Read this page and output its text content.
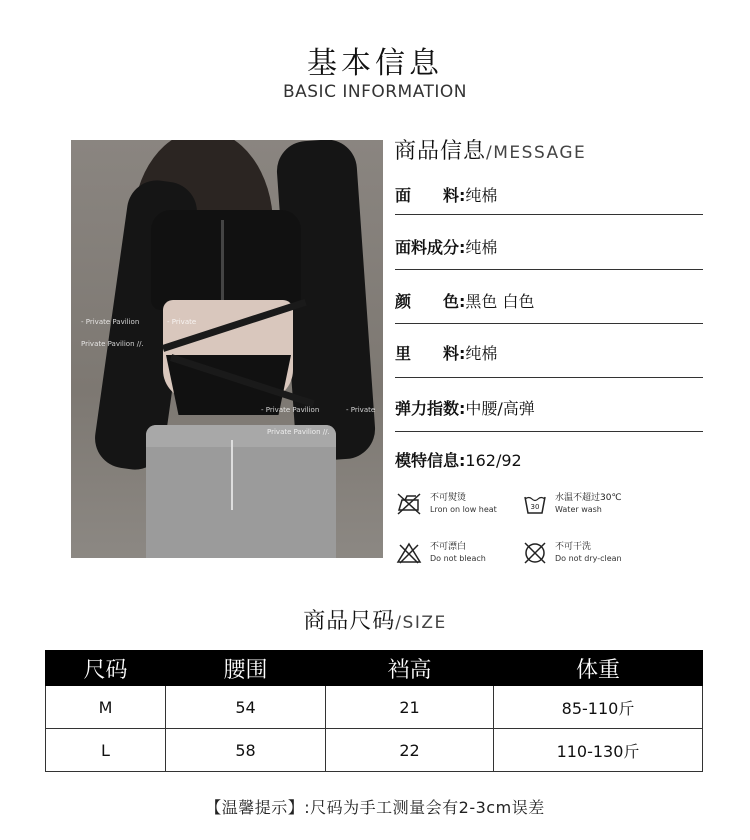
基本信息
BASIC INFORMATION
- Private Pavilion	- Private
Private Pavilion //.
- Private Pavilion	- Private
Private Pavilion //.
商品信息/MESSAGE
面　　料:纯棉
面料成分:纯棉
颜　　色:黑色 白色
里　　料:纯棉
弹力指数:中腰/高弹
模特信息:162/92
不可熨烫
Lron on low heat	30
水温不超过30℃
Water wash
不可漂白
Do not bleach
不可干洗
Do not dry-clean
商品尺码/SIZE
尺码	腰围	裆高	体重
M	54	21	85-110斤
L	58	22	110-130斤
【温馨提示】:尺码为手工测量会有2-3cm误差
